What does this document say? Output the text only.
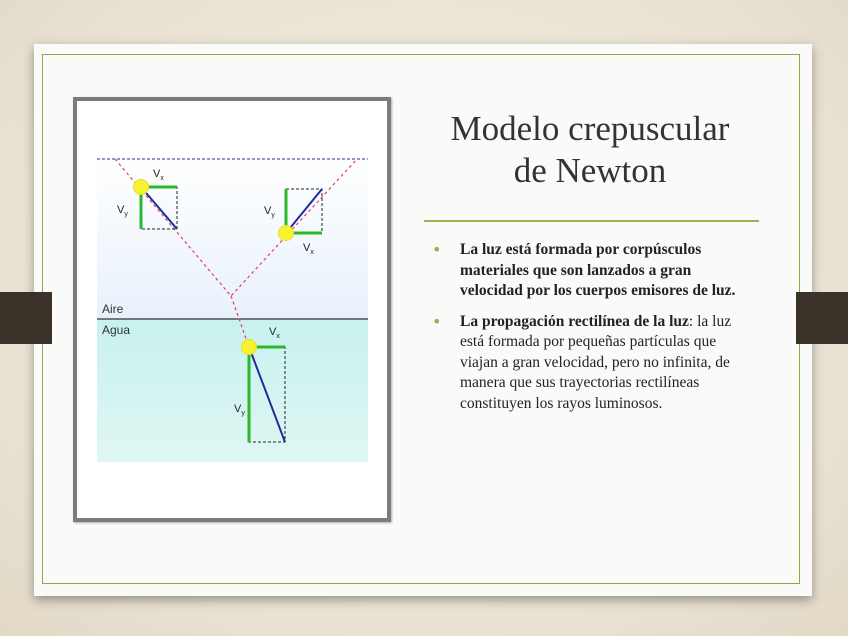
$V_x$
$V_y$	$V_y$
$V_x$
$V_x$
$V_y$
Aire
Agua
Modelo crepuscular
de Newton
• La luz está formada por corpúsculos materiales que son lanzados a gran velocidad por los cuerpos emisores de luz.
• La propagación rectilínea de la luz: la luz está formada por pequeñas partículas que viajan a gran velocidad, pero no infinita, de manera que sus trayectorias rectilíneas constituyen los rayos luminosos.
